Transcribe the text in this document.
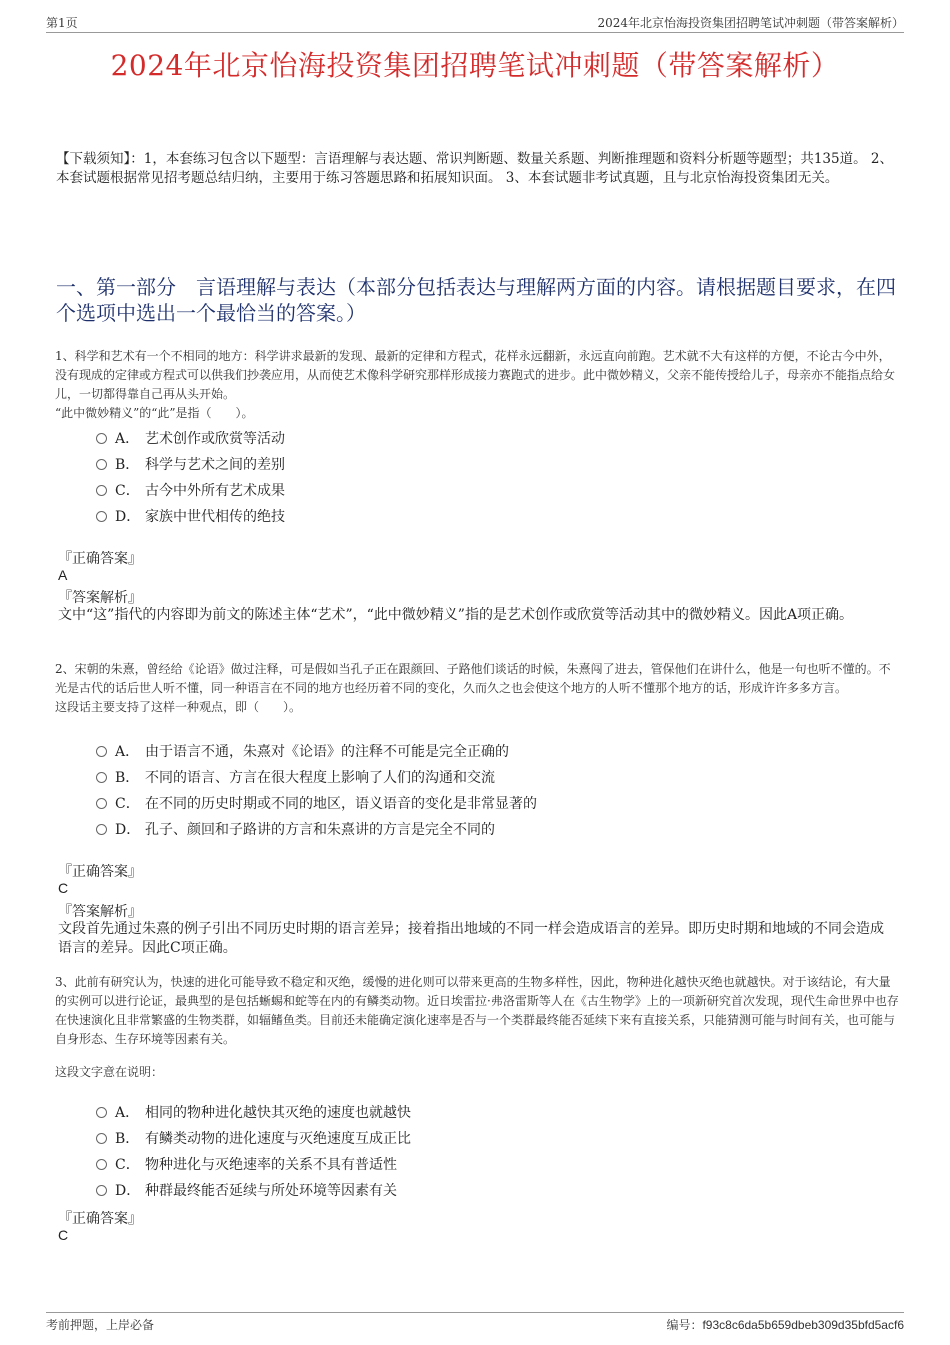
第1页	2024年北京怡海投资集团招聘笔试冲刺题（带答案解析）
2024年北京怡海投资集团招聘笔试冲刺题（带答案解析）
【下载须知】：1，本套练习包含以下题型：言语理解与表达题、常识判断题、数量关系题、判断推理题和资料分析题等题型；共135道。 2、本套试题根据常见招考题总结归纳，主要用于练习答题思路和拓展知识面。 3、本套试题非考试真题，且与北京怡海投资集团无关。
一、第一部分　言语理解与表达（本部分包括表达与理解两方面的内容。请根据题目要求，在四个选项中选出一个最恰当的答案。）
1、科学和艺术有一个不相同的地方：科学讲求最新的发现、最新的定律和方程式，花样永远翻新，永远直向前跑。艺术就不大有这样的方便，不论古今中外，没有现成的定律或方程式可以供我们抄袭应用，从而使艺术像科学研究那样形成接力赛跑式的进步。此中微妙精义，父亲不能传授给儿子，母亲亦不能指点给女儿，一切都得靠自己再从头开始。
“此中微妙精义”的“此”是指（　　）。
A． 艺术创作或欣赏等活动
B． 科学与艺术之间的差别
C． 古今中外所有艺术成果
D． 家族中世代相传的绝技
『正确答案』
A
『答案解析』
文中“这”指代的内容即为前文的陈述主体“艺术”，“此中微妙精义”指的是艺术创作或欣赏等活动其中的微妙精义。因此A项正确。
2、宋朝的朱熹，曾经给《论语》做过注释，可是假如当孔子正在跟颜回、子路他们谈话的时候，朱熹闯了进去，管保他们在讲什么，他是一句也听不懂的。不光是古代的话后世人听不懂，同一种语言在不同的地方也经历着不同的变化，久而久之也会使这个地方的人听不懂那个地方的话，形成许许多多方言。
这段话主要支持了这样一种观点，即（　　）。
A． 由于语言不通，朱熹对《论语》的注释不可能是完全正确的
B． 不同的语言、方言在很大程度上影响了人们的沟通和交流
C． 在不同的历史时期或不同的地区，语义语音的变化是非常显著的
D． 孔子、颜回和子路讲的方言和朱熹讲的方言是完全不同的
『正确答案』
C
『答案解析』
文段首先通过朱熹的例子引出不同历史时期的语言差异；接着指出地域的不同一样会造成语言的差异。即历史时期和地域的不同会造成语言的差异。因此C项正确。
3、此前有研究认为，快速的进化可能导致不稳定和灭绝，缓慢的进化则可以带来更高的生物多样性，因此，物种进化越快灭绝也就越快。对于该结论，有大量的实例可以进行论证，最典型的是包括蜥蜴和蛇等在内的有鳞类动物。近日埃雷拉·弗洛雷斯等人在《古生物学》上的一项新研究首次发现，现代生命世界中也存在快速演化且非常繁盛的生物类群，如辐鳍鱼类。目前还未能确定演化速率是否与一个类群最终能否延续下来有直接关系，只能猜测可能与时间有关，也可能与自身形态、生存环境等因素有关。
这段文字意在说明：
A． 相同的物种进化越快其灭绝的速度也就越快
B． 有鳞类动物的进化速度与灭绝速度互成正比
C． 物种进化与灭绝速率的关系不具有普适性
D． 种群最终能否延续与所处环境等因素有关
『正确答案』
C
考前押题，上岸必备	编号：f93c8c6da5b659dbeb309d35bfd5acf6
